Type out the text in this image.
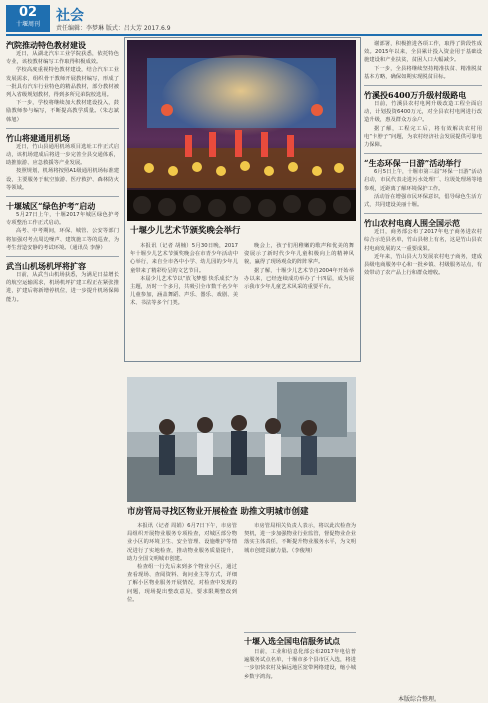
02
十堰周刊
社会
责任编辑：李梦琳 版式：吕大芳 2017.6.9
汽院推动特色教材建设

近日，从湖北汽车工业学院获悉，依托特色专业，该校教材编写工作取得积极成效。

学校高度重视特色教材建设，结合汽车工业发展需求，组织骨干教师开展教材编写，形成了一批具有汽车行业特色的精品教材，部分教材被列入省级规划教材，得到多所兄弟院校选用。

下一步，学校将继续加大教材建设投入，鼓励教师参与编写，不断提高教学质量。（朱志斌 韩旭）

竹山将建通用机场

近日，竹山县通用机场项目选址工作正式启动，该机场建成后将进一步完善全县交通体系，助推旅游、应急救援等产业发展。

按照规划，机场将按照A1级通用机场标准建设，主要服务于航空旅游、医疗救护、森林防火等领域。

十堰城区“绿色护考”启动

5月27日上午，十堰2017年城区绿色护考专项整治工作正式启动。

高考、中考期间，环保、城管、公安等部门将加强对考点周边噪声、建筑施工等的巡查，为考生营造安静的考试环境。（通讯员 李静）

武当山机场机坪将扩容

日前，从武当山机场获悉，为满足日益增长的航空运输需求，机场机坪扩建工程正在紧张推进，扩建后将新增停机位，进一步提升机场保障能力。

十堰少儿艺术节颁奖晚会举行

本报讯（记者 胡楠）5月30日晚，2017年十堰少儿艺术节颁奖晚会在市青少年活动中心举行，来自全市各中小学、幼儿园的少年儿童带来了精彩纷呈的文艺节目。

本届少儿艺术节以“放飞梦想 快乐成长”为主题，历时一个多月，共吸引全市数千名少年儿童参加，涵盖舞蹈、声乐、器乐、戏剧、美术、书法等多个门类。

晚会上，孩子们用稚嫩的歌声和优美的舞姿展示了新时代少年儿童积极向上的精神风貌，赢得了现场观众的阵阵掌声。

据了解，十堰少儿艺术节自2004年开始举办以来，已经连续成功举办了十四届，成为展示我市少年儿童艺术风采的重要平台。

市房管局寻找区物业开展检查 助推文明城市创建

本报讯（记者 周娟）6月7日下午，市房管局组织开展物业服务专项检查，对城区部分物业小区的环境卫生、安全管理、设施维护等情况进行了实地检查，推动物业服务质量提升，助力全国文明城市创建。

检查组一行先后来到多个物业小区，通过查看现场、查阅资料、询问业主等方式，详细了解小区物业服务开展情况，对检查中发现的问题，现场提出整改意见，要求限期整改到位。

市房管局相关负责人表示，将以此次检查为契机，进一步加强物业行业监管，督促物业企业落实主体责任，不断提升物业服务水平，为文明城市创建贡献力量。（李俊翔）

十堰入选全国电信服务试点

日前，工业和信息化部公布2017年电信普遍服务试点名单，十堰市多个县市区入选，将进一步加快农村及偏远地区宽带网络建设，缩小城乡数字鸿沟。

谢部署，积极推进各项工作，取得了阶段性成效。2015年以来，全县累计投入资金用于基础设施建设和产业扶贫，贫困人口大幅减少。

下一步，全县将继续坚持精准扶贫、精准脱贫基本方略，确保如期实现脱贫目标。

竹溪投6400万升级村级路电

日前，竹溪县农村电网升级改造工程全面启动，计划投资6400万元，对全县农村电网进行改造升级，惠及群众万余户。

据了解，工程完工后，将有效解决农村用电“卡脖子”问题，为农村经济社会发展提供可靠电力保障。

“生态环保一日游”活动举行

6月5日上午，十堰市第三届“环保一日游”活动启动，市民代表走进污水处理厂、垃圾处理场等地参观，近距离了解环境保护工作。

活动旨在增强市民环保意识，倡导绿色生活方式，共同建设美丽十堰。

竹山农村电商人围全国示范

近日，商务部公布了2017年电子商务进农村综合示范县名单，竹山县榜上有名，这是竹山县农村电商发展的又一重要成果。

近年来，竹山县大力发展农村电子商务，建成县级电商服务中心和一批乡镇、村级服务站点，有效带动了农产品上行和群众增收。

本版综合整理。
